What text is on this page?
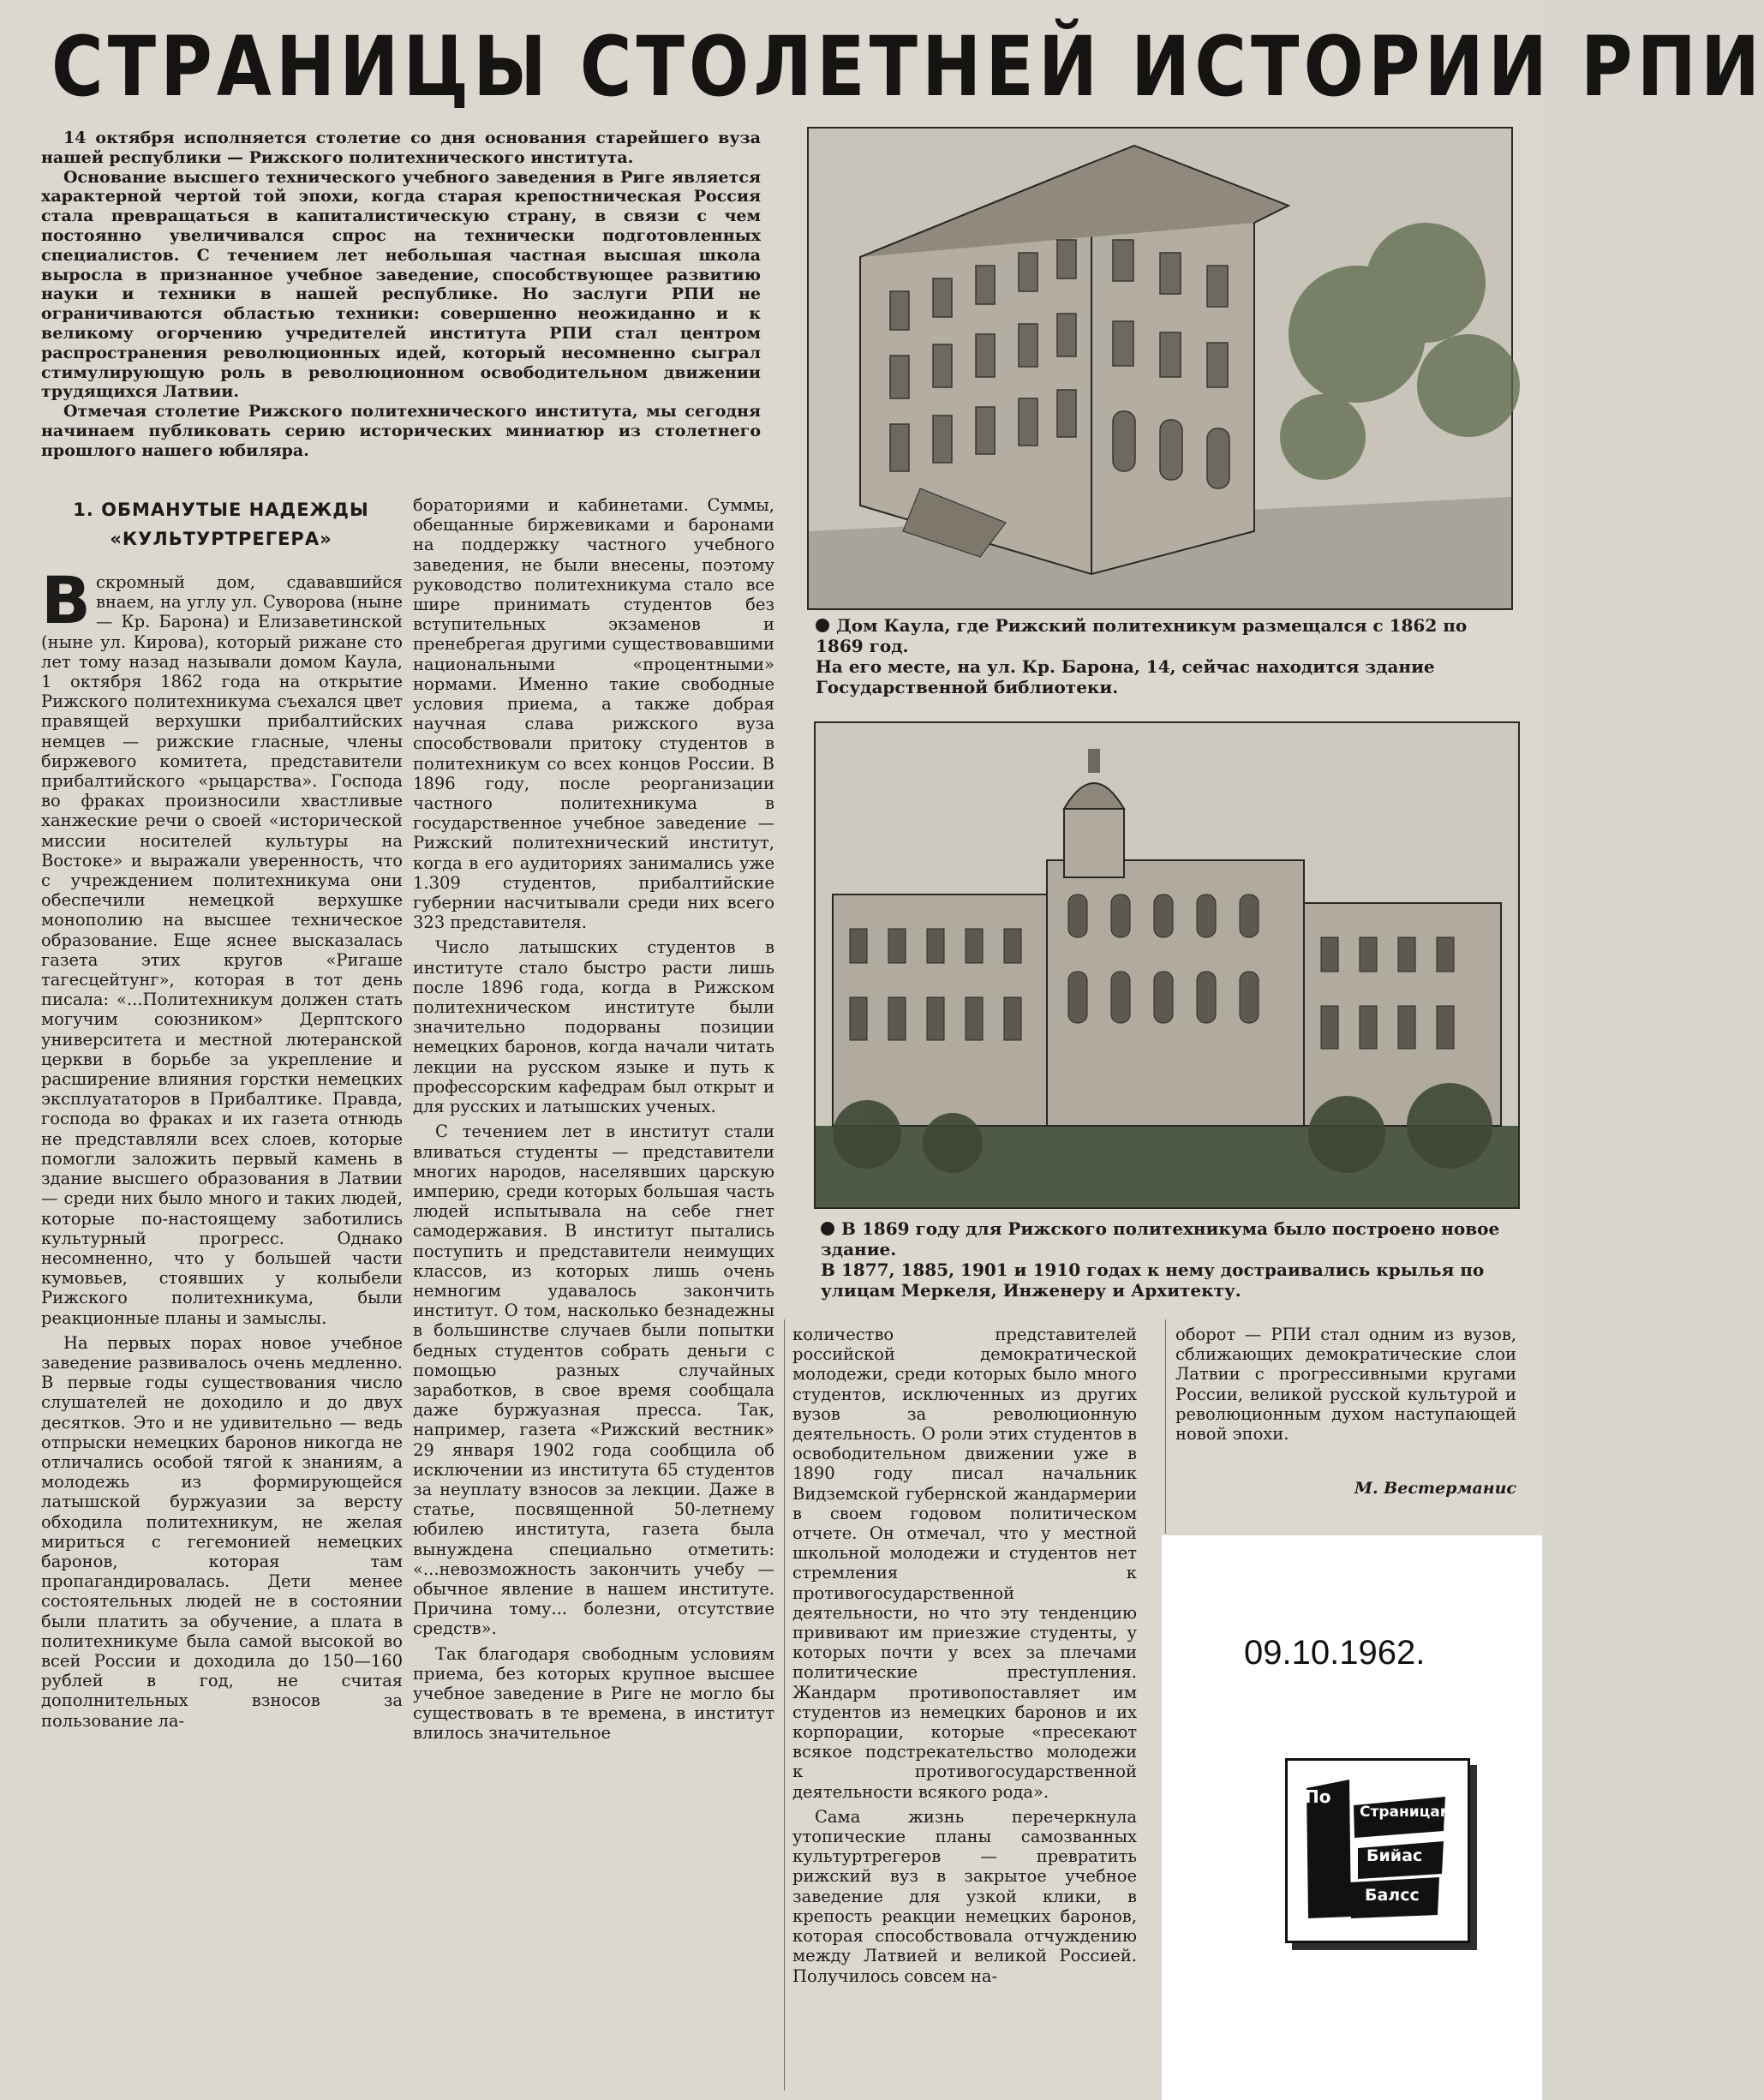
СТРАНИЦЫ СТОЛЕТНЕЙ ИСТОРИИ РПИ

14 октября исполняется столетие со дня основания старейшего вуза нашей республики — Рижского политехнического института.

Основание высшего технического учебного заведения в Риге является характерной чертой той эпохи, когда старая крепостническая Россия стала превращаться в капиталистическую страну, в связи с чем постоянно увеличивался спрос на технически подготовленных специалистов. С течением лет небольшая частная высшая школа выросла в признанное учебное заведение, способствующее развитию науки и техники в нашей республике. Но заслуги РПИ не ограничиваются областью техники: совершенно неожиданно и к великому огорчению учредителей института РПИ стал центром распространения революционных идей, который несомненно сыграл стимулирующую роль в революционном освободительном движении трудящихся Латвии.

Отмечая столетие Рижского политехнического института, мы сегодня начинаем публиковать серию исторических миниатюр из столетнего прошлого нашего юбиляра.

1. ОБМАНУТЫЕ НАДЕЖДЫ
«КУЛЬТУРТРЕГЕРА»

Вскромный дом, сдававшийся внаем, на углу ул. Суворова (ныне — Кр. Барона) и Елизаветинской (ныне ул. Кирова), который рижане сто лет тому назад называли домом Каула, 1 октября 1862 года на открытие Рижского политехникума съехался цвет правящей верхушки прибалтийских немцев — рижские гласные, члены биржевого комитета, представители прибалтийского «рыцарства». Господа во фраках произносили хвастливые ханжеские речи о своей «исторической миссии носителей культуры на Востоке» и выражали уверенность, что с учреждением политехникума они обеспечили немецкой верхушке монополию на высшее техническое образование. Еще яснее высказалась газета этих кругов «Ригаше тагесцейтунг», которая в тот день писала: «...Политехникум должен стать могучим союзником» Дерптского университета и местной лютеранской церкви в борьбе за укрепление и расширение влияния горстки немецких эксплуататоров в Прибалтике. Правда, господа во фраках и их газета отнюдь не представляли всех слоев, которые помогли заложить первый камень в здание высшего образования в Латвии — среди них было много и таких людей, которые по-настоящему заботились культурный прогресс. Однако несомненно, что у большей части кумовьев, стоявших у колыбели Рижского политехникума, были реакционные планы и замыслы.

На первых порах новое учебное заведение развивалось очень медленно. В первые годы существования число слушателей не доходило и до двух десятков. Это и не удивительно — ведь отпрыски немецких баронов никогда не отличались особой тягой к знаниям, а молодежь из формирующейся латышской буржуазии за версту обходила политехникум, не желая мириться с гегемонией немецких баронов, которая там пропагандировалась. Дети менее состоятельных людей не в состоянии были платить за обучение, а плата в политехникуме была самой высокой во всей России и доходила до 150—160 рублей в год, не считая дополнительных взносов за пользование ла-

бораториями и кабинетами. Суммы, обещанные биржевиками и баронами на поддержку частного учебного заведения, не были внесены, поэтому руководство политехникума стало все шире принимать студентов без вступительных экзаменов и пренебрегая другими существовавшими национальными «процентными» нормами. Именно такие свободные условия приема, а также добрая научная слава рижского вуза способствовали притоку студентов в политехникум со всех концов России. В 1896 году, после реорганизации частного политехникума в государственное учебное заведение — Рижский политехнический институт, когда в его аудиториях занимались уже 1.309 студентов, прибалтийские губернии насчитывали среди них всего 323 представителя.

Число латышских студентов в институте стало быстро расти лишь после 1896 года, когда в Рижском политехническом институте были значительно подорваны позиции немецких баронов, когда начали читать лекции на русском языке и путь к профессорским кафедрам был открыт и для русских и латышских ученых.

С течением лет в институт стали вливаться студенты — представители многих народов, населявших царскую империю, среди которых большая часть людей испытывала на себе гнет самодержавия. В институт пытались поступить и представители неимущих классов, из которых лишь очень немногим удавалось закончить институт. О том, насколько безнадежны в большинстве случаев были попытки бедных студентов собрать деньги с помощью разных случайных заработков, в свое время сообщала даже буржуазная пресса. Так, например, газета «Рижский вестник» 29 января 1902 года сообщила об исключении из института 65 студентов за неуплату взносов за лекции. Даже в статье, посвященной 50-летнему юбилею института, газета была вынуждена специально отметить: «...невозможность закончить учебу — обычное явление в нашем институте. Причина тому... болезни, отсутствие средств».

Так благодаря свободным условиям приема, без которых крупное высшее учебное заведение в Риге не могло бы существовать в те времена, в институт влилось значительное

Дом Каула, где Рижский политехникум размещался с 1862 по 1869 год.
На его месте, на ул. Кр. Барона, 14, сейчас находится здание Государственной библиотеки.
В 1869 году для Рижского политехникума было построено новое здание.
В 1877, 1885, 1901 и 1910 годах к нему достраивались крылья по улицам Меркеля, Инженеру и Архитекту.

количество представителей российской демократической молодежи, среди которых было много студентов, исключенных из других вузов за революционную деятельность. О роли этих студентов в освободительном движении уже в 1890 году писал начальник Видземской губернской жандармерии в своем годовом политическом отчете. Он отмечал, что у местной школьной молодежи и студентов нет стремления к противогосударственной деятельности, но что эту тенденцию прививают им приезжие студенты, у которых почти у всех за плечами политические преступления. Жандарм противопоставляет им студентов из немецких баронов и их корпорации, которые «пресекают всякое подстрекательство молодежи к противогосударственной деятельности всякого рода».

Сама жизнь перечеркнула утопические планы самозванных культуртрегеров — превратить рижский вуз в закрытое учебное заведение для узкой клики, в крепость реакции немецких баронов, которая способствовала отчуждению между Латвией и великой Россией. Получилось совсем на-

оборот — РПИ стал одним из вузов, сближающих демократические слои Латвии с прогрессивными кругами России, великой русской культурой и революционным духом наступающей новой эпохи.

М. Вестерманис
09.10.1962.
По
Страницам
Бийас
Балсс
